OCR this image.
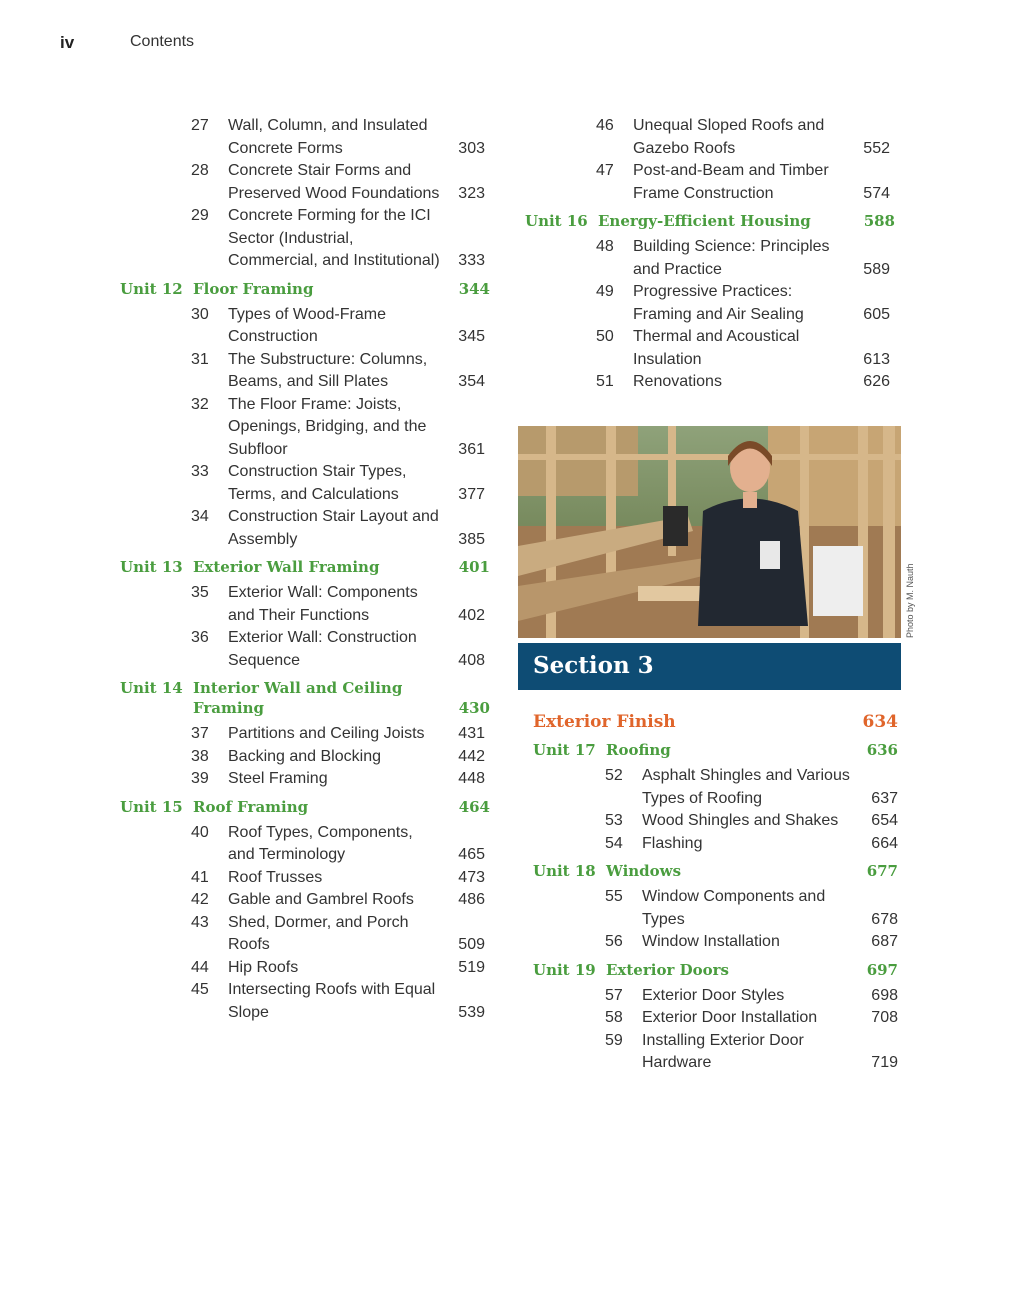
iv	Contents
27 Wall, Column, and Insulated Concrete Forms	303
28 Concrete Stair Forms and Preserved Wood Foundations 323
29 Concrete Forming for the ICI Sector (Industrial, Commercial, and Institutional) 333
Unit 12 Floor Framing	344
30 Types of Wood-Frame Construction	345
31 The Substructure: Columns, Beams, and Sill Plates	354
32 The Floor Frame: Joists, Openings, Bridging, and the Subfloor	361
33 Construction Stair Types, Terms, and Calculations	377
34 Construction Stair Layout and Assembly	385
Unit 13 Exterior Wall Framing	401
35 Exterior Wall: Components and Their Functions	402
36 Exterior Wall: Construction Sequence	408
Unit 14 Interior Wall and Ceiling Framing	430
37 Partitions and Ceiling Joists 431
38 Backing and Blocking	442
39 Steel Framing	448
Unit 15 Roof Framing	464
40 Roof Types, Components, and Terminology	465
41 Roof Trusses	473
42 Gable and Gambrel Roofs	486
43 Shed, Dormer, and Porch Roofs	509
44 Hip Roofs	519
45 Intersecting Roofs with Equal Slope	539
46 Unequal Sloped Roofs and Gazebo Roofs	552
47 Post-and-Beam and Timber Frame Construction	574
Unit 16 Energy-Efficient Housing	588
48 Building Science: Principles and Practice	589
49 Progressive Practices: Framing and Air Sealing	605
50 Thermal and Acoustical Insulation	613
51 Renovations	626
Photo by M. Nauth
Section 3
Exterior Finish	634
Unit 17 Roofing	636
52 Asphalt Shingles and Various Types of Roofing	637
53 Wood Shingles and Shakes 654
54 Flashing	664
Unit 18 Windows	677
55 Window Components and Types	678
56 Window Installation	687
Unit 19 Exterior Doors	697
57 Exterior Door Styles	698
58 Exterior Door Installation	708
59 Installing Exterior Door Hardware	719
